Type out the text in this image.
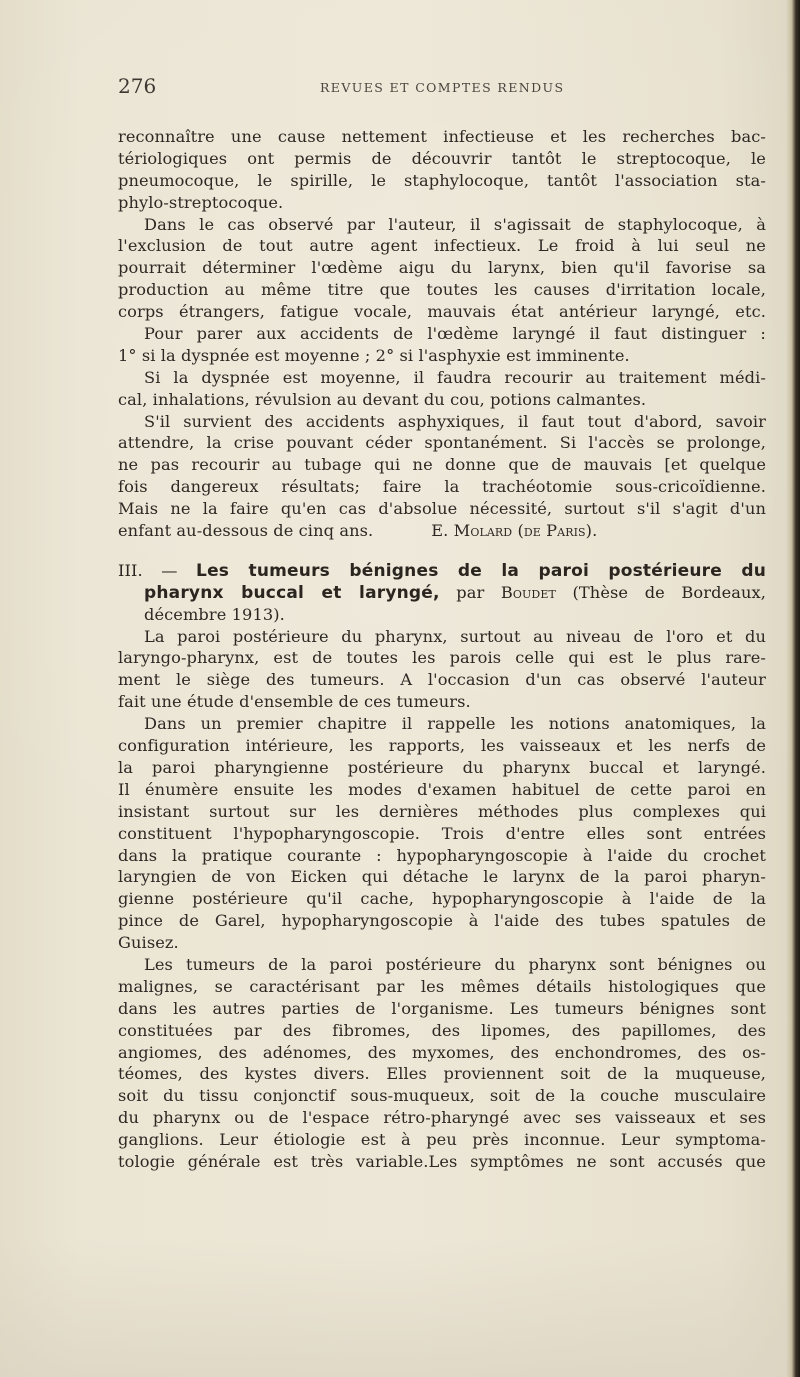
276	REVUES ET COMPTES RENDUS
reconnaître une cause nettement infectieuse et les recherches bac-
tériologiques ont permis de découvrir tantôt le streptocoque, le
pneumocoque, le spirille, le staphylocoque, tantôt l'association sta-
phylo-streptocoque.
Dans le cas observé par l'auteur, il s'agissait de staphylocoque, à
l'exclusion de tout autre agent infectieux. Le froid à lui seul ne
pourrait déterminer l'œdème aigu du larynx, bien qu'il favorise sa
production au même titre que toutes les causes d'irritation locale,
corps étrangers, fatigue vocale, mauvais état antérieur laryngé, etc.
Pour parer aux accidents de l'œdème laryngé il faut distinguer :
1° si la dyspnée est moyenne ; 2° si l'asphyxie est imminente.
Si la dyspnée est moyenne, il faudra recourir au traitement médi-
cal, inhalations, révulsion au devant du cou, potions calmantes.
S'il survient des accidents asphyxiques, il faut tout d'abord, savoir
attendre, la crise pouvant céder spontanément. Si l'accès se prolonge,
ne pas recourir au tubage qui ne donne que de mauvais [et quelque
fois dangereux résultats; faire la trachéotomie sous-cricoïdienne.
Mais ne la faire qu'en cas d'absolue nécessité, surtout s'il s'agit d'un
enfant au-dessous de cinq ans.	E. Molard (de Paris).
III. — Les tumeurs bénignes de la paroi postérieure du
pharynx buccal et laryngé, par Boudet (Thèse de Bordeaux,
décembre 1913).
La paroi postérieure du pharynx, surtout au niveau de l'oro et du
laryngo-pharynx, est de toutes les parois celle qui est le plus rare-
ment le siège des tumeurs. A l'occasion d'un cas observé l'auteur
fait une étude d'ensemble de ces tumeurs.
Dans un premier chapitre il rappelle les notions anatomiques, la
configuration intérieure, les rapports, les vaisseaux et les nerfs de
la paroi pharyngienne postérieure du pharynx buccal et laryngé.
Il énumère ensuite les modes d'examen habituel de cette paroi en
insistant surtout sur les dernières méthodes plus complexes qui
constituent l'hypopharyngoscopie. Trois d'entre elles sont entrées
dans la pratique courante : hypopharyngoscopie à l'aide du crochet
laryngien de von Eicken qui détache le larynx de la paroi pharyn-
gienne postérieure qu'il cache, hypopharyngoscopie à l'aide de la
pince de Garel, hypopharyngoscopie à l'aide des tubes spatules de
Guisez.
Les tumeurs de la paroi postérieure du pharynx sont bénignes ou
malignes, se caractérisant par les mêmes détails histologiques que
dans les autres parties de l'organisme. Les tumeurs bénignes sont
constituées par des fibromes, des lipomes, des papillomes, des
angiomes, des adénomes, des myxomes, des enchondromes, des os-
téomes, des kystes divers. Elles proviennent soit de la muqueuse,
soit du tissu conjonctif sous-muqueux, soit de la couche musculaire
du pharynx ou de l'espace rétro-pharyngé avec ses vaisseaux et ses
ganglions. Leur étiologie est à peu près inconnue. Leur symptoma-
tologie générale est très variable.Les symptômes ne sont accusés que
